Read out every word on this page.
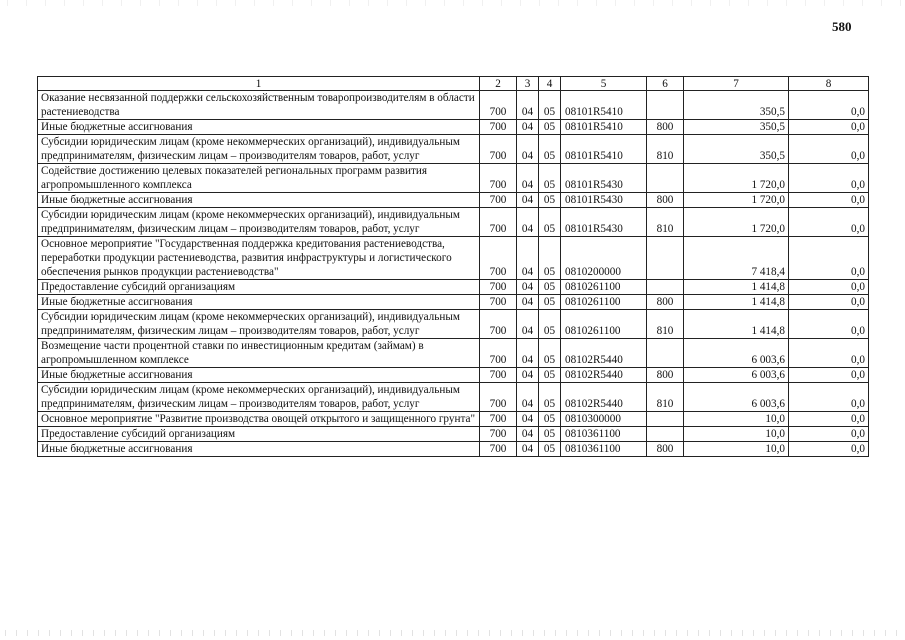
580
1	2	3	4	5	6	7	8
Оказание несвязанной поддержки сельскохозяйственным товаропроизводителям в области растениеводства	700	04	05	08101R5410		350,5	0,0
Иные бюджетные ассигнования	700	04	05	08101R5410	800	350,5	0,0
Субсидии юридическим лицам (кроме некоммерческих организаций), индивидуальным предпринимателям, физическим лицам – производителям товаров, работ, услуг	700	04	05	08101R5410	810	350,5	0,0
Содействие достижению целевых показателей региональных программ развития агропромышленного комплекса	700	04	05	08101R5430		1 720,0	0,0
Иные бюджетные ассигнования	700	04	05	08101R5430	800	1 720,0	0,0
Субсидии юридическим лицам (кроме некоммерческих организаций), индивидуальным предпринимателям, физическим лицам – производителям товаров, работ, услуг	700	04	05	08101R5430	810	1 720,0	0,0
Основное мероприятие "Государственная поддержка кредитования растениеводства, переработки продукции растениеводства, развития инфраструктуры и логистического обеспечения рынков продукции растениеводства"	700	04	05	0810200000		7 418,4	0,0
Предоставление субсидий организациям	700	04	05	0810261100		1 414,8	0,0
Иные бюджетные ассигнования	700	04	05	0810261100	800	1 414,8	0,0
Субсидии юридическим лицам (кроме некоммерческих организаций), индивидуальным предпринимателям, физическим лицам – производителям товаров, работ, услуг	700	04	05	0810261100	810	1 414,8	0,0
Возмещение части процентной ставки по инвестиционным кредитам (займам) в агропромышленном комплексе	700	04	05	08102R5440		6 003,6	0,0
Иные бюджетные ассигнования	700	04	05	08102R5440	800	6 003,6	0,0
Субсидии юридическим лицам (кроме некоммерческих организаций), индивидуальным предпринимателям, физическим лицам – производителям товаров, работ, услуг	700	04	05	08102R5440	810	6 003,6	0,0
Основное мероприятие "Развитие производства овощей открытого и защищенного грунта"	700	04	05	0810300000		10,0	0,0
Предоставление субсидий организациям	700	04	05	0810361100		10,0	0,0
Иные бюджетные ассигнования	700	04	05	0810361100	800	10,0	0,0
